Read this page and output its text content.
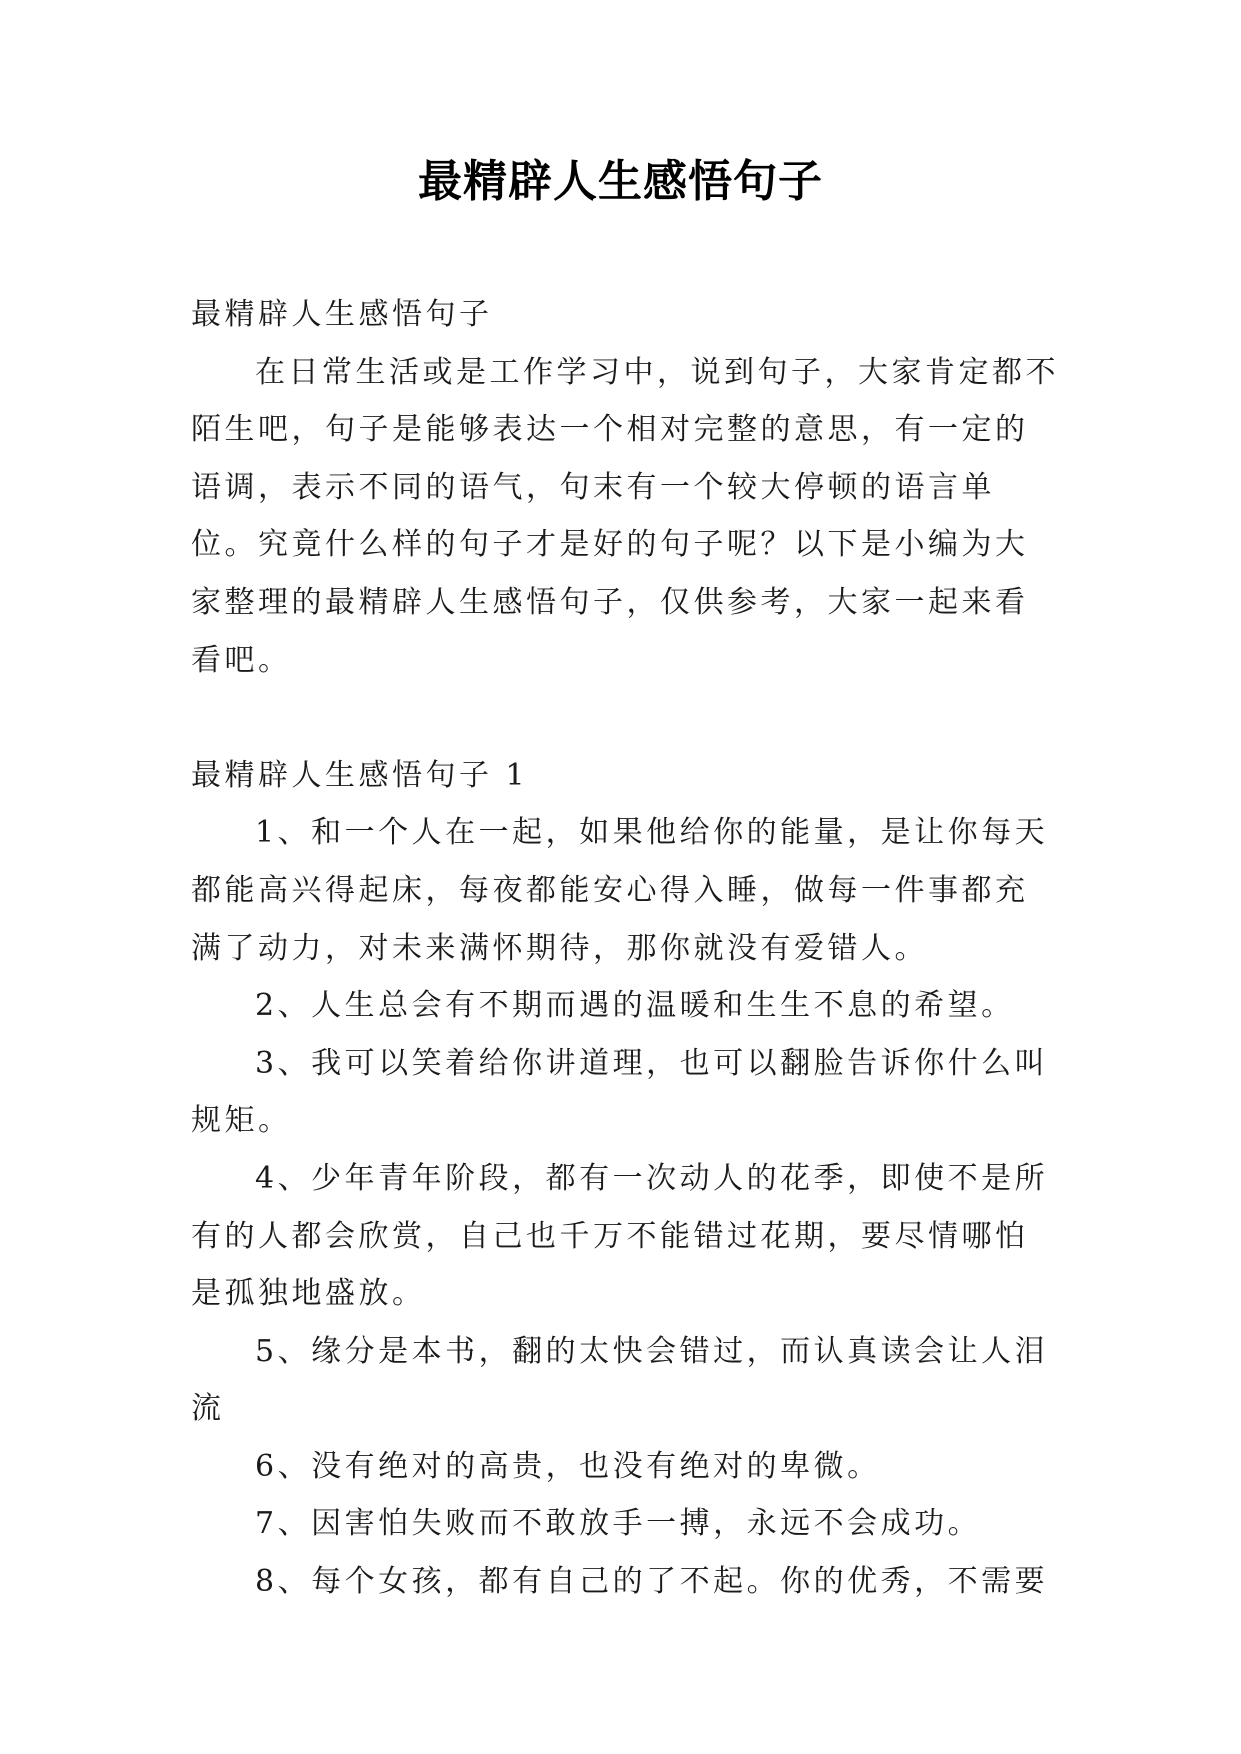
最精辟人生感悟句子

最精辟人生感悟句子

在日常生活或是工作学习中，说到句子，大家肯定都不陌生吧，句子是能够表达一个相对完整的意思，有一定的语调，表示不同的语气，句末有一个较大停顿的语言单位。究竟什么样的句子才是好的句子呢？以下是小编为大家整理的最精辟人生感悟句子，仅供参考，大家一起来看看吧。

最精辟人生感悟句子 1

1、和一个人在一起，如果他给你的能量，是让你每天都能高兴得起床，每夜都能安心得入睡，做每一件事都充满了动力，对未来满怀期待，那你就没有爱错人。

2、人生总会有不期而遇的温暖和生生不息的希望。

3、我可以笑着给你讲道理，也可以翻脸告诉你什么叫规矩。

4、少年青年阶段，都有一次动人的花季，即使不是所有的人都会欣赏，自己也千万不能错过花期，要尽情哪怕是孤独地盛放。

5、缘分是本书，翻的太快会错过，而认真读会让人泪流

6、没有绝对的高贵，也没有绝对的卑微。

7、因害怕失败而不敢放手一搏，永远不会成功。

8、每个女孩，都有自己的了不起。你的优秀，不需要
